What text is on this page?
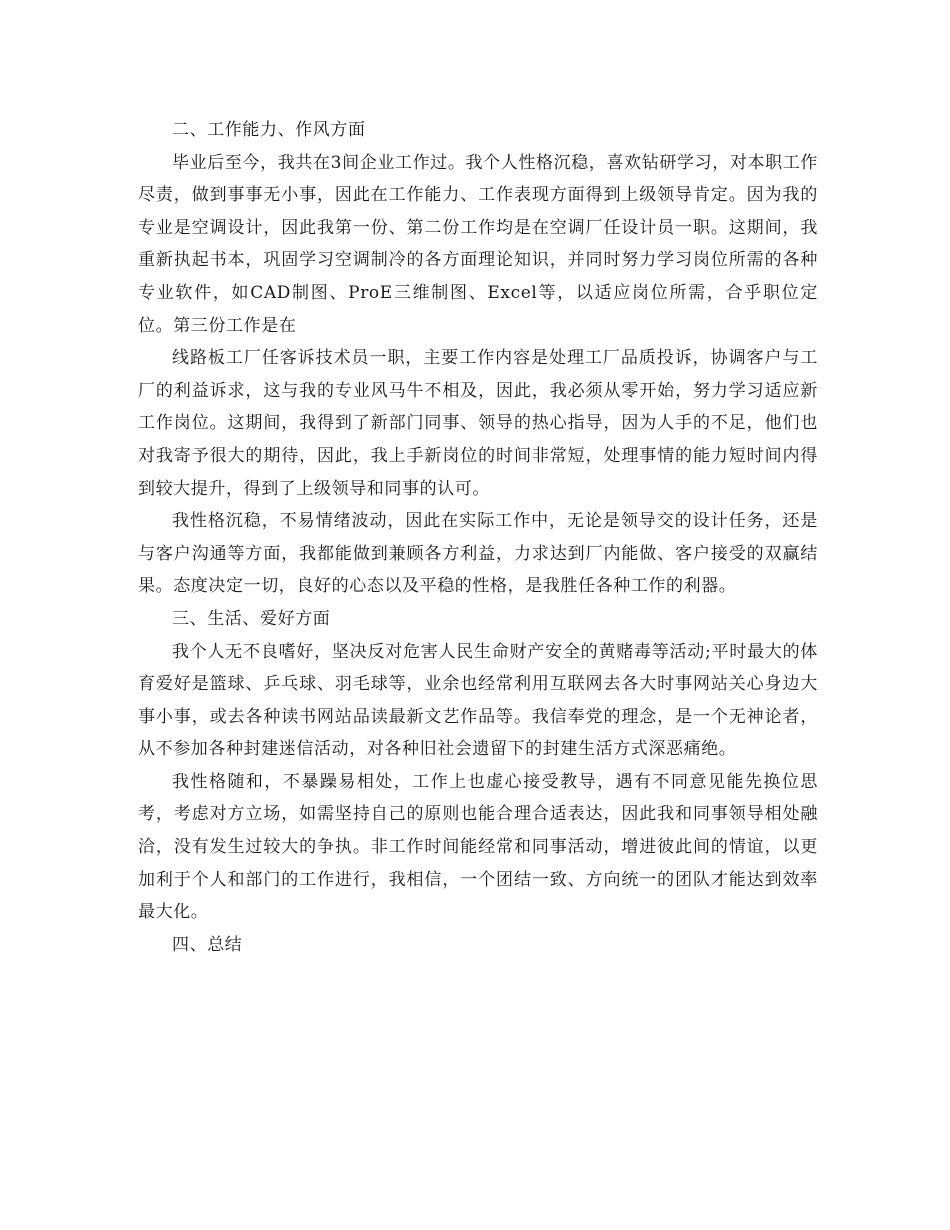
二、工作能力、作风方面

毕业后至今，我共在3间企业工作过。我个人性格沉稳，喜欢钻研学习，对本职工作尽责，做到事事无小事，因此在工作能力、工作表现方面得到上级领导肯定。因为我的专业是空调设计，因此我第一份、第二份工作均是在空调厂任设计员一职。这期间，我重新执起书本，巩固学习空调制冷的各方面理论知识，并同时努力学习岗位所需的各种专业软件，如CAD制图、ProE三维制图、Excel等，以适应岗位所需，合乎职位定位。第三份工作是在

线路板工厂任客诉技术员一职，主要工作内容是处理工厂品质投诉，协调客户与工厂的利益诉求，这与我的专业风马牛不相及，因此，我必须从零开始，努力学习适应新工作岗位。这期间，我得到了新部门同事、领导的热心指导，因为人手的不足，他们也对我寄予很大的期待，因此，我上手新岗位的时间非常短，处理事情的能力短时间内得到较大提升，得到了上级领导和同事的认可。

我性格沉稳，不易情绪波动，因此在实际工作中，无论是领导交的设计任务，还是与客户沟通等方面，我都能做到兼顾各方利益，力求达到厂内能做、客户接受的双赢结果。态度决定一切，良好的心态以及平稳的性格，是我胜任各种工作的利器。

三、生活、爱好方面

我个人无不良嗜好，坚决反对危害人民生命财产安全的黄赌毒等活动;平时最大的体育爱好是篮球、乒乓球、羽毛球等，业余也经常利用互联网去各大时事网站关心身边大事小事，或去各种读书网站品读最新文艺作品等。我信奉党的理念，是一个无神论者，从不参加各种封建迷信活动，对各种旧社会遗留下的封建生活方式深恶痛绝。

我性格随和，不暴躁易相处，工作上也虚心接受教导，遇有不同意见能先换位思考，考虑对方立场，如需坚持自己的原则也能合理合适表达，因此我和同事领导相处融洽，没有发生过较大的争执。非工作时间能经常和同事活动，增进彼此间的情谊，以更加利于个人和部门的工作进行，我相信，一个团结一致、方向统一的团队才能达到效率最大化。

四、总结
